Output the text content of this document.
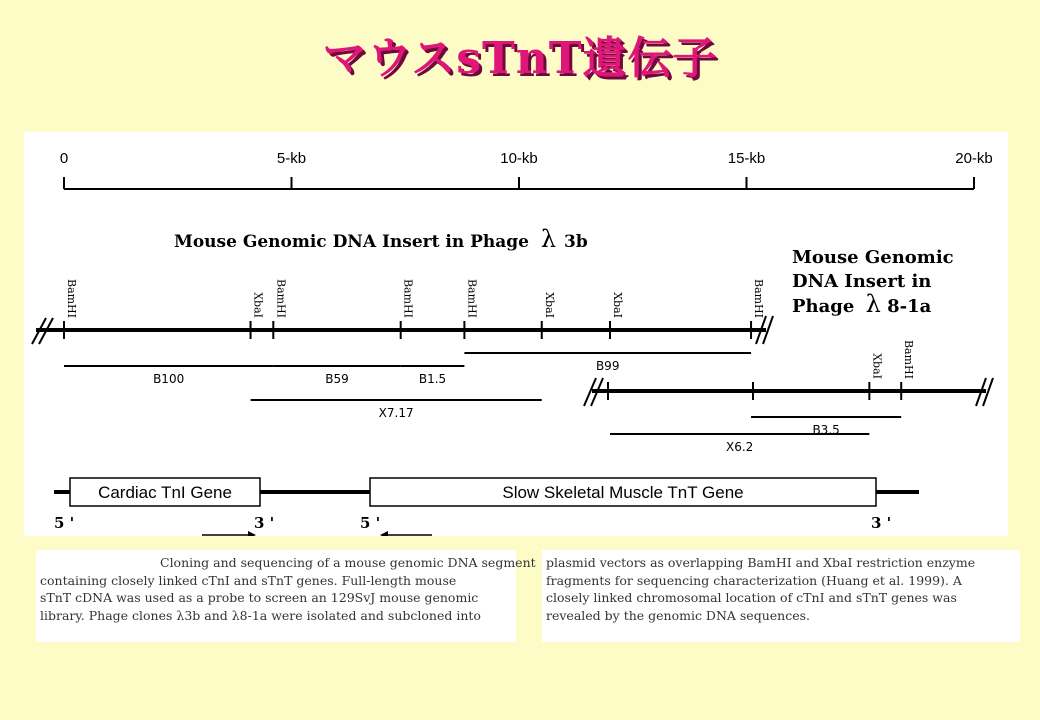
マウスsTnT遺伝子
0	5-kb	10-kb	15-kb	20-kb
Mouse Genomic DNA Insert in Phage λ 3b
Mouse Genomic DNA Insert in Phage λ 8-1a
BamHI	XbaI BamHI	BamHI	BamHI	XbaI	XbaI	BamHI
B100	B59	B1.5
B99
X7.17
XbaI BamHI
B3.5
X6.2
Cardiac TnI Gene	Slow Skeletal Muscle TnT Gene
5 '	3 '	5 '	3 '
Cloning and sequencing of a mouse genomic DNA segment
containing closely linked cTnI and sTnT genes. Full-length mouse
sTnT cDNA was used as a probe to screen an 129SvJ mouse genomic
library. Phage clones λ3b and λ8-1a were isolated and subcloned into
plasmid vectors as overlapping BamHI and XbaI restriction enzyme
fragments for sequencing characterization (Huang et al. 1999). A
closely linked chromosomal location of cTnI and sTnT genes was
revealed by the genomic DNA sequences.
